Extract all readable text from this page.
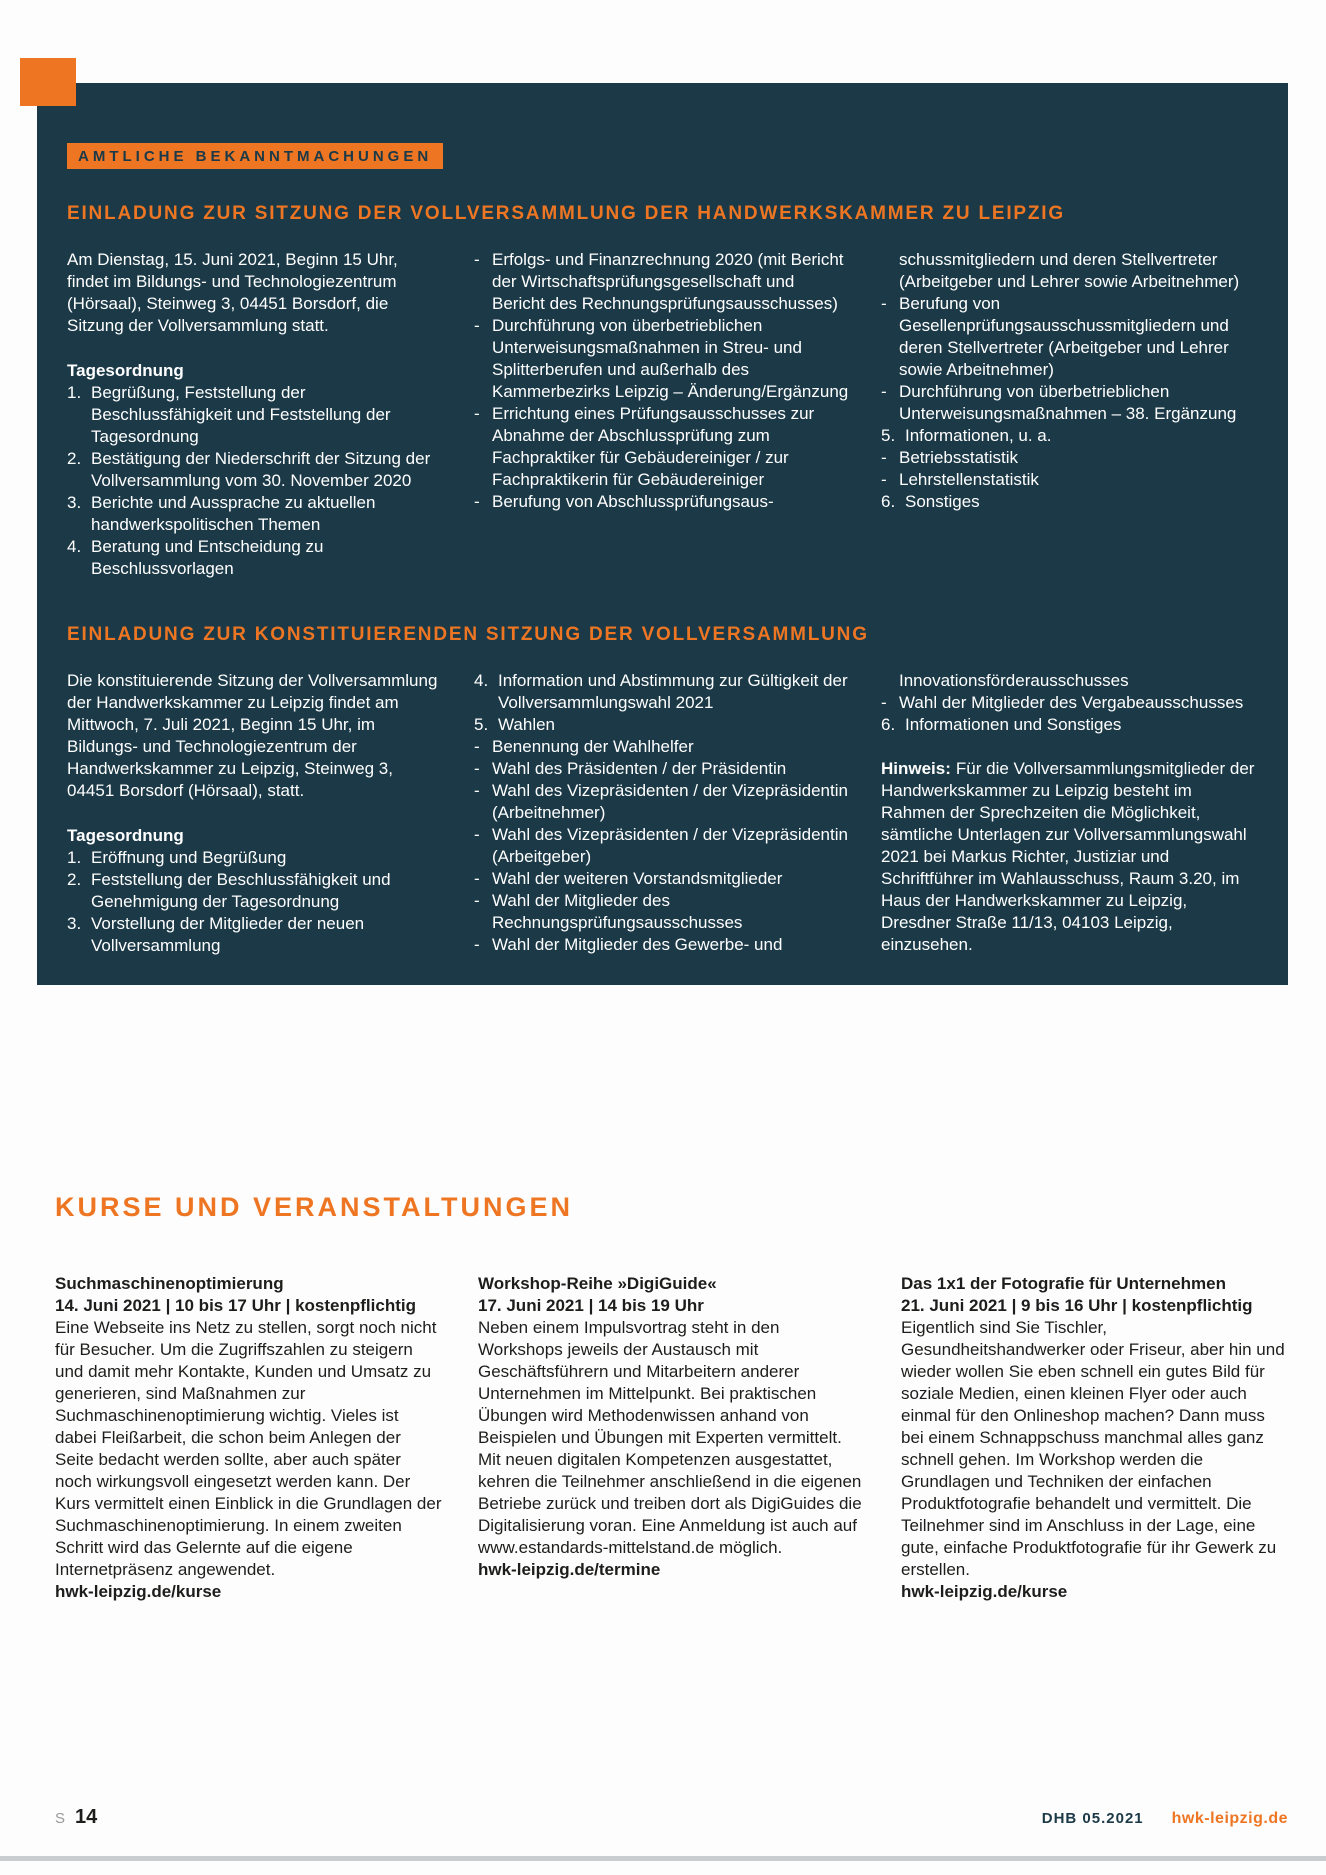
AMTLICHE BEKANNTMACHUNGEN
EINLADUNG ZUR SITZUNG DER VOLLVERSAMMLUNG DER HANDWERKSKAMMER ZU LEIPZIG
Am Dienstag, 15. Juni 2021, Beginn 15 Uhr, findet im Bildungs- und Technologiezentrum (Hörsaal), Steinweg 3, 04451 Borsdorf, die Sitzung der Vollversammlung statt.
Tagesordnung
1. Begrüßung, Feststellung der Beschlussfähigkeit und Feststellung der Tagesordnung
2. Bestätigung der Niederschrift der Sitzung der Vollversammlung vom 30. November 2020
3. Berichte und Aussprache zu aktuellen handwerkspolitischen Themen
4. Beratung und Entscheidung zu Beschlussvorlagen
- Erfolgs- und Finanzrechnung 2020 (mit Bericht der Wirtschaftsprüfungsgesellschaft und Bericht des Rechnungsprüfungsausschusses)
- Durchführung von überbetrieblichen Unterweisungsmaßnahmen in Streu- und Splitterberufen und außerhalb des Kammerbezirks Leipzig – Änderung/Ergänzung
- Errichtung eines Prüfungsausschusses zur Abnahme der Abschlussprüfung zum Fachpraktiker für Gebäudereiniger / zur Fachpraktikerin für Gebäudereiniger
- Berufung von Abschlussprüfungsaus-
schussmitgliedern und deren Stellvertreter (Arbeitgeber und Lehrer sowie Arbeitnehmer)
- Berufung von Gesellenprüfungsausschussmitgliedern und deren Stellvertreter (Arbeitgeber und Lehrer sowie Arbeitnehmer)
- Durchführung von überbetrieblichen Unterweisungsmaßnahmen – 38. Ergänzung
5. Informationen, u. a.
- Betriebsstatistik
- Lehrstellenstatistik
6. Sonstiges
EINLADUNG ZUR KONSTITUIERENDEN SITZUNG DER VOLLVERSAMMLUNG
Die konstituierende Sitzung der Vollversammlung der Handwerkskammer zu Leipzig findet am Mittwoch, 7. Juli 2021, Beginn 15 Uhr, im Bildungs- und Technologiezentrum der Handwerkskammer zu Leipzig, Steinweg 3, 04451 Borsdorf (Hörsaal), statt.
Tagesordnung
1. Eröffnung und Begrüßung
2. Feststellung der Beschlussfähigkeit und Genehmigung der Tagesordnung
3. Vorstellung der Mitglieder der neuen Vollversammlung
4. Information und Abstimmung zur Gültigkeit der Vollversammlungswahl 2021
5. Wahlen
- Benennung der Wahlhelfer
- Wahl des Präsidenten / der Präsidentin
- Wahl des Vizepräsidenten / der Vizepräsidentin (Arbeitnehmer)
- Wahl des Vizepräsidenten / der Vizepräsidentin (Arbeitgeber)
- Wahl der weiteren Vorstandsmitglieder
- Wahl der Mitglieder des Rechnungsprüfungsausschusses
- Wahl der Mitglieder des Gewerbe- und
Innovationsförderausschusses
- Wahl der Mitglieder des Vergabeausschusses
6. Informationen und Sonstiges
Hinweis: Für die Vollversammlungsmitglieder der Handwerkskammer zu Leipzig besteht im Rahmen der Sprechzeiten die Möglichkeit, sämtliche Unterlagen zur Vollversammlungswahl 2021 bei Markus Richter, Justiziar und Schriftführer im Wahlausschuss, Raum 3.20, im Haus der Handwerkskammer zu Leipzig, Dresdner Straße 11/13, 04103 Leipzig, einzusehen.
KURSE UND VERANSTALTUNGEN
Suchmaschinenoptimierung
14. Juni 2021 | 10 bis 17 Uhr | kostenpflichtig
Eine Webseite ins Netz zu stellen, sorgt noch nicht für Besucher. Um die Zugriffszahlen zu steigern und damit mehr Kontakte, Kunden und Umsatz zu generieren, sind Maßnahmen zur Suchmaschinenoptimierung wichtig. Vieles ist dabei Fleißarbeit, die schon beim Anlegen der Seite bedacht werden sollte, aber auch später noch wirkungsvoll eingesetzt werden kann. Der Kurs vermittelt einen Einblick in die Grundlagen der Suchmaschinenoptimierung. In einem zweiten Schritt wird das Gelernte auf die eigene Internetpräsenz angewendet.
hwk-leipzig.de/kurse
Workshop-Reihe »DigiGuide«
17. Juni 2021 | 14 bis 19 Uhr
Neben einem Impulsvortrag steht in den Workshops jeweils der Austausch mit Geschäftsführern und Mitarbeitern anderer Unternehmen im Mittelpunkt. Bei praktischen Übungen wird Methodenwissen anhand von Beispielen und Übungen mit Experten vermittelt. Mit neuen digitalen Kompetenzen ausgestattet, kehren die Teilnehmer anschließend in die eigenen Betriebe zurück und treiben dort als DigiGuides die Digitalisierung voran. Eine Anmeldung ist auch auf www.estandards-mittelstand.de möglich.
hwk-leipzig.de/termine
Das 1x1 der Fotografie für Unternehmen
21. Juni 2021 | 9 bis 16 Uhr | kostenpflichtig
Eigentlich sind Sie Tischler, Gesundheitshandwerker oder Friseur, aber hin und wieder wollen Sie eben schnell ein gutes Bild für soziale Medien, einen kleinen Flyer oder auch einmal für den Onlineshop machen? Dann muss bei einem Schnappschuss manchmal alles ganz schnell gehen. Im Workshop werden die Grundlagen und Techniken der einfachen Produktfotografie behandelt und vermittelt. Die Teilnehmer sind im Anschluss in der Lage, eine gute, einfache Produktfotografie für ihr Gewerk zu erstellen.
hwk-leipzig.de/kurse
S 14	DHB 05.2021 hwk-leipzig.de
